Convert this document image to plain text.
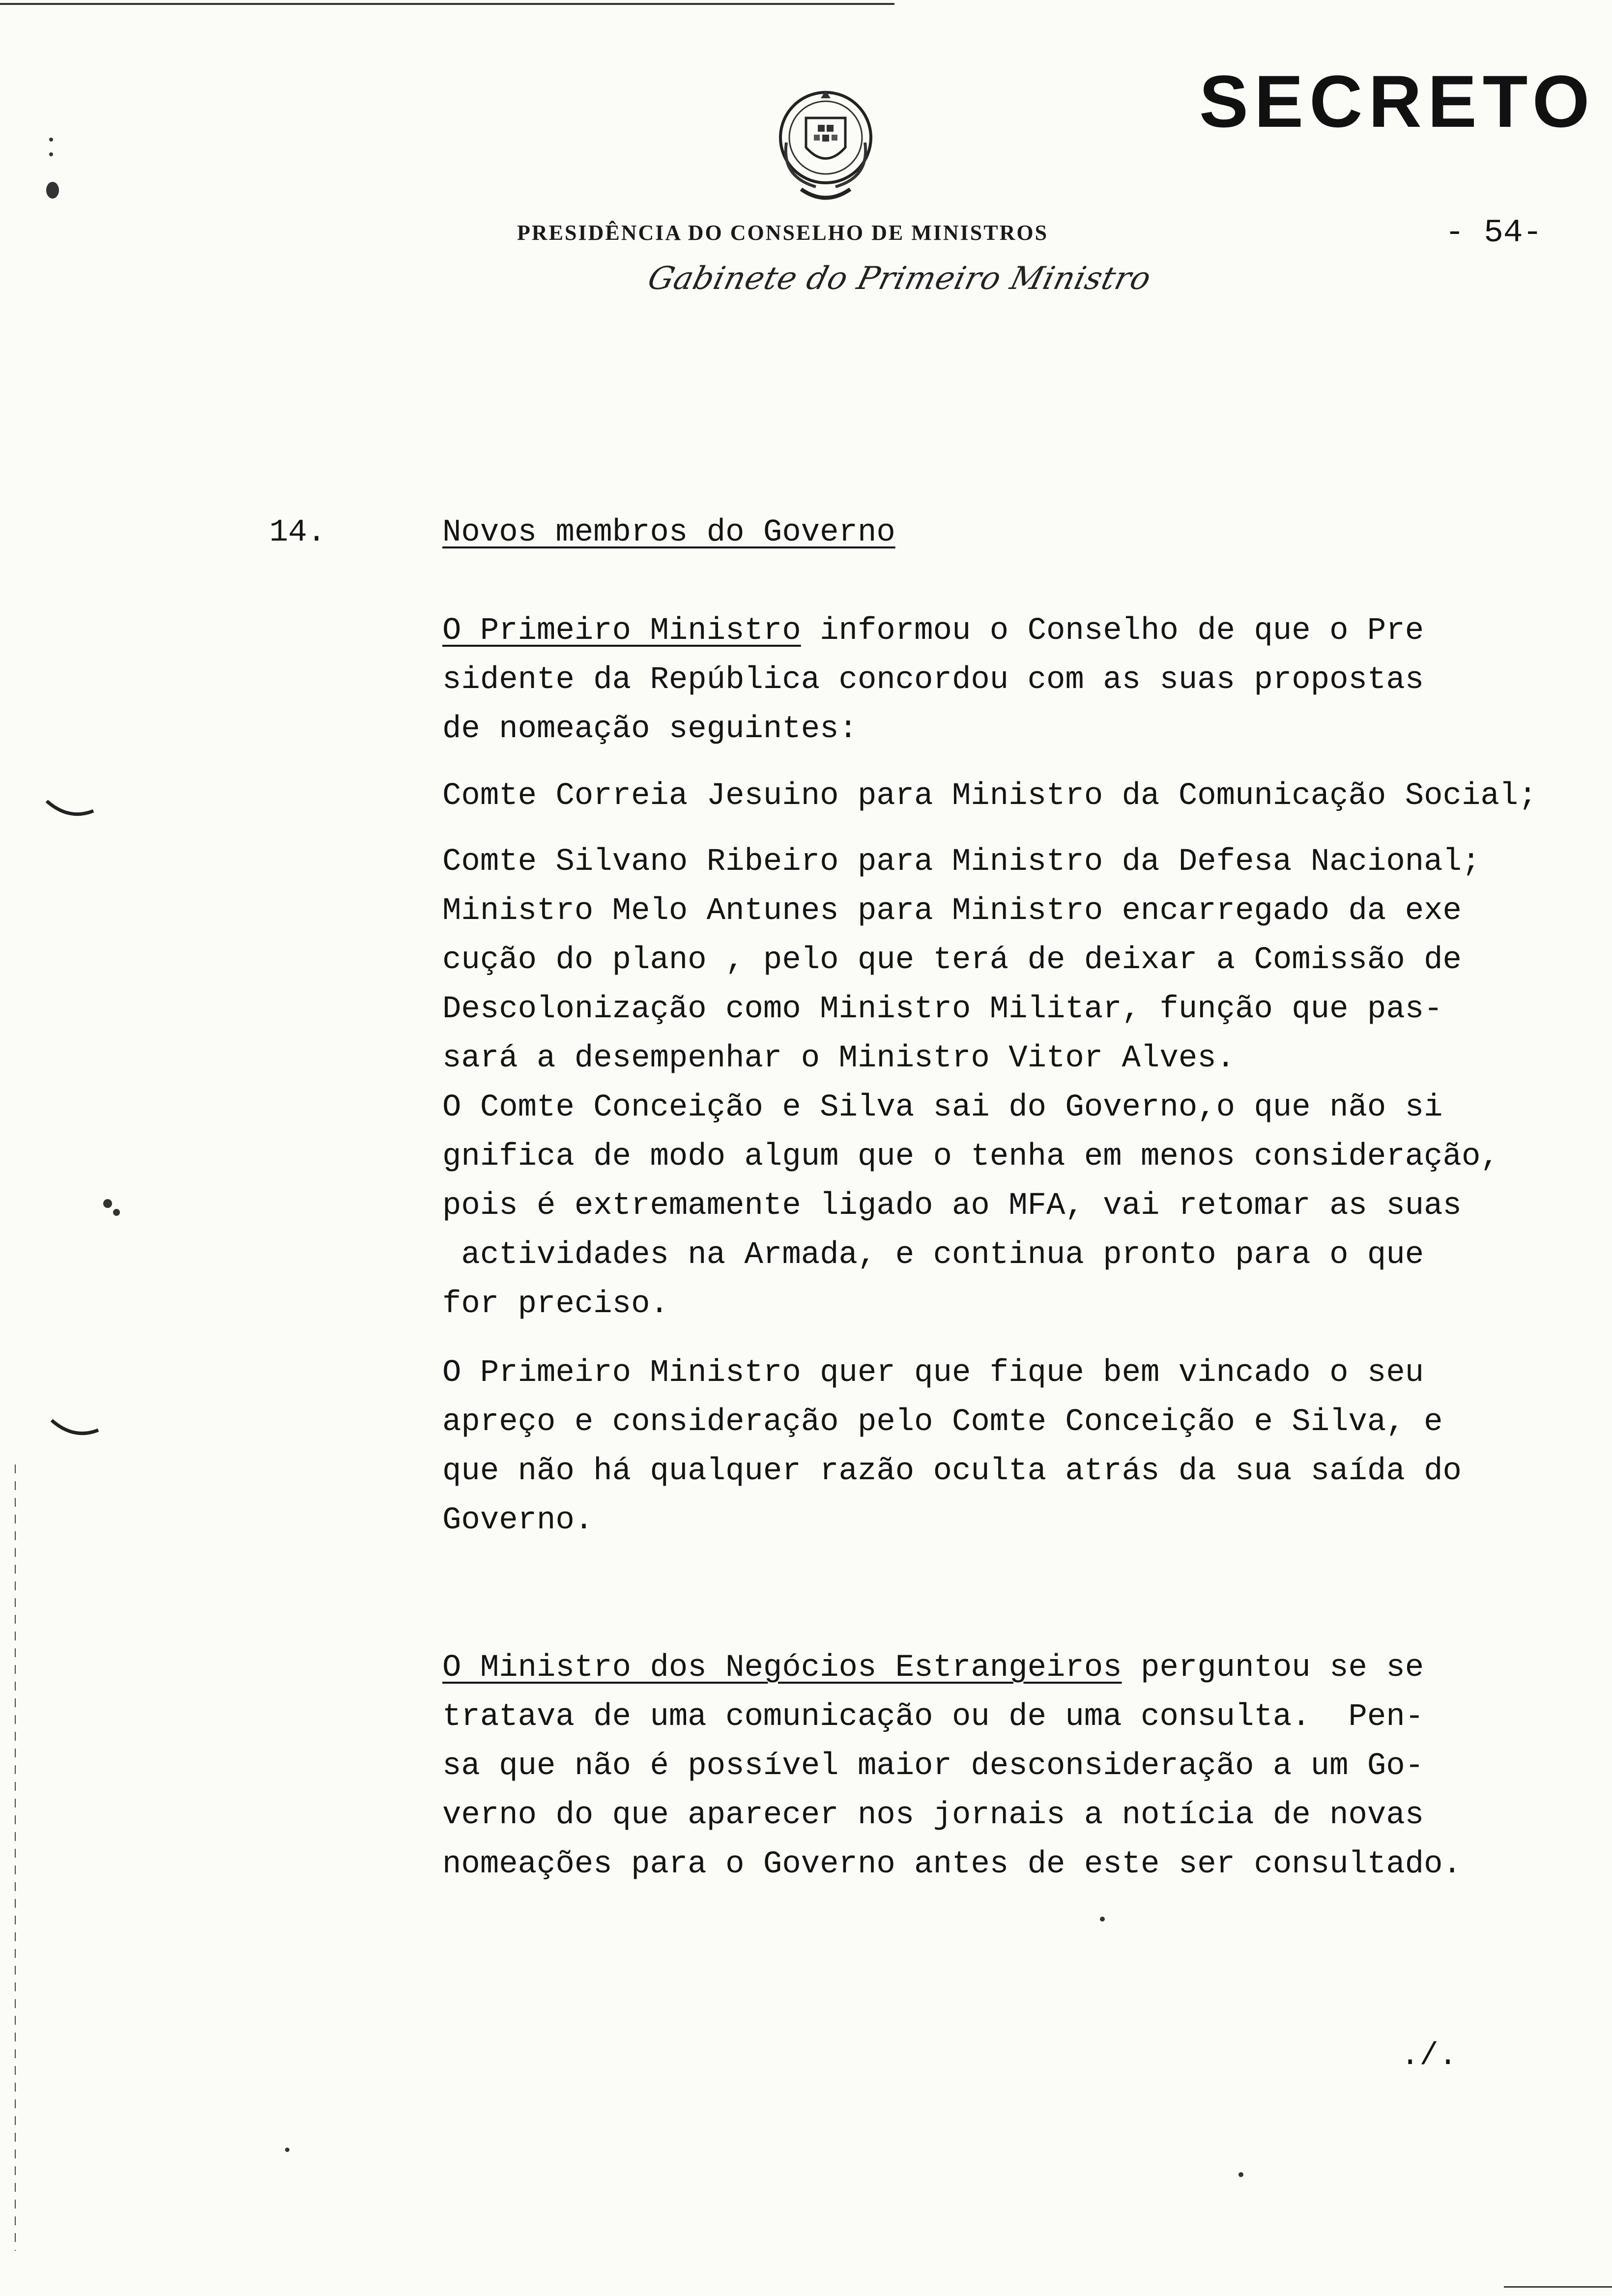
SECRETO
PRESIDÊNCIA DO CONSELHO DE MINISTROS	- 54-
Gabinete do Primeiro Ministro
14.	Novos membros do Governo
O Primeiro Ministro informou o Conselho de que o Pre
sidente da República concordou com as suas propostas
de nomeação seguintes:
Comte Correia Jesuino para Ministro da Comunicação Social;
Comte Silvano Ribeiro para Ministro da Defesa Nacional;
Ministro Melo Antunes para Ministro encarregado da exe
cução do plano , pelo que terá de deixar a Comissão de
Descolonização como Ministro Militar, função que pas-
sará a desempenhar o Ministro Vitor Alves.
O Comte Conceição e Silva sai do Governo,o que não si
gnifica de modo algum que o tenha em menos consideração,
pois é extremamente ligado ao MFA, vai retomar as suas
actividades na Armada, e continua pronto para o que
for preciso.
O Primeiro Ministro quer que fique bem vincado o seu
apreço e consideração pelo Comte Conceição e Silva, e
que não há qualquer razão oculta atrás da sua saída do
Governo.
O Ministro dos Negócios Estrangeiros perguntou se se
tratava de uma comunicação ou de uma consulta.  Pen-
sa que não é possível maior desconsideração a um Go-
verno do que aparecer nos jornais a notícia de novas
nomeações para o Governo antes de este ser consultado.
./.
